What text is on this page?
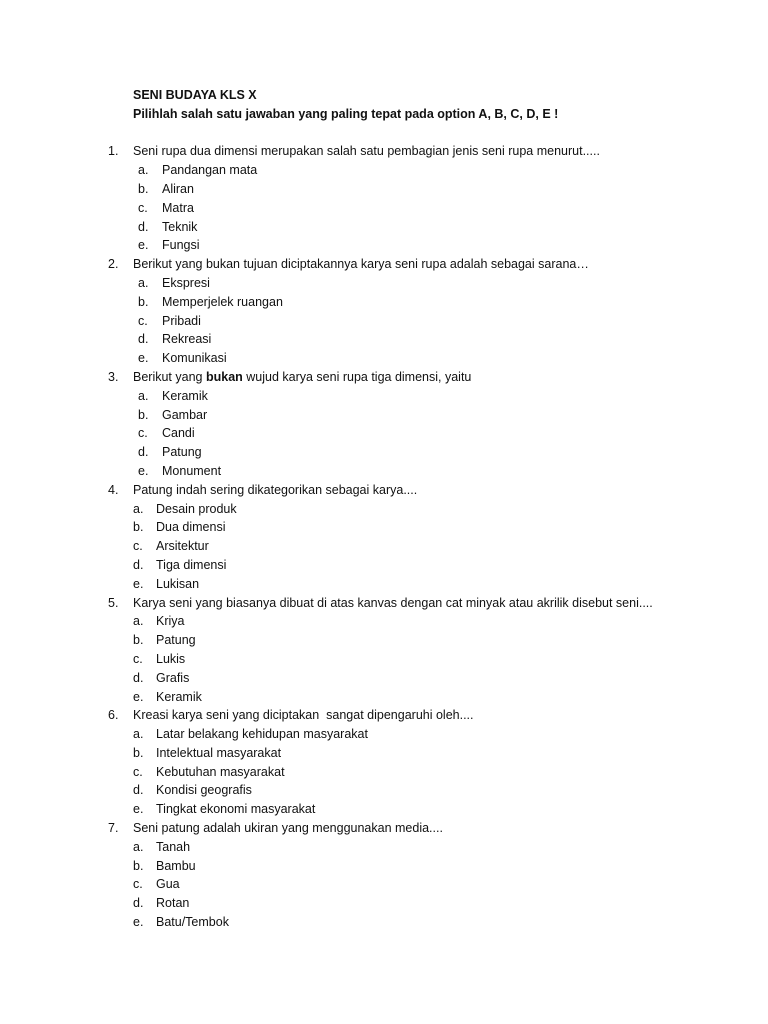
SENI BUDAYA KLS X
Pilihlah salah satu jawaban yang paling tepat pada option A, B, C, D, E !
1. Seni rupa dua dimensi merupakan salah satu pembagian jenis seni rupa menurut.....
a. Pandangan mata
b. Aliran
c. Matra
d. Teknik
e. Fungsi
2. Berikut yang bukan tujuan diciptakannya karya seni rupa adalah sebagai sarana…
a. Ekspresi
b. Memperjelek ruangan
c. Pribadi
d. Rekreasi
e. Komunikasi
3. Berikut yang bukan wujud karya seni rupa tiga dimensi, yaitu
a. Keramik
b. Gambar
c. Candi
d. Patung
e. Monument
4. Patung indah sering dikategorikan sebagai karya....
a. Desain produk
b. Dua dimensi
c. Arsitektur
d. Tiga dimensi
e. Lukisan
5. Karya seni yang biasanya dibuat di atas kanvas dengan cat minyak atau akrilik disebut seni....
a. Kriya
b. Patung
c. Lukis
d. Grafis
e. Keramik
6. Kreasi karya seni yang diciptakan  sangat dipengaruhi oleh....
a. Latar belakang kehidupan masyarakat
b. Intelektual masyarakat
c. Kebutuhan masyarakat
d. Kondisi geografis
e. Tingkat ekonomi masyarakat
7. Seni patung adalah ukiran yang menggunakan media....
a. Tanah
b. Bambu
c. Gua
d. Rotan
e. Batu/Tembok
